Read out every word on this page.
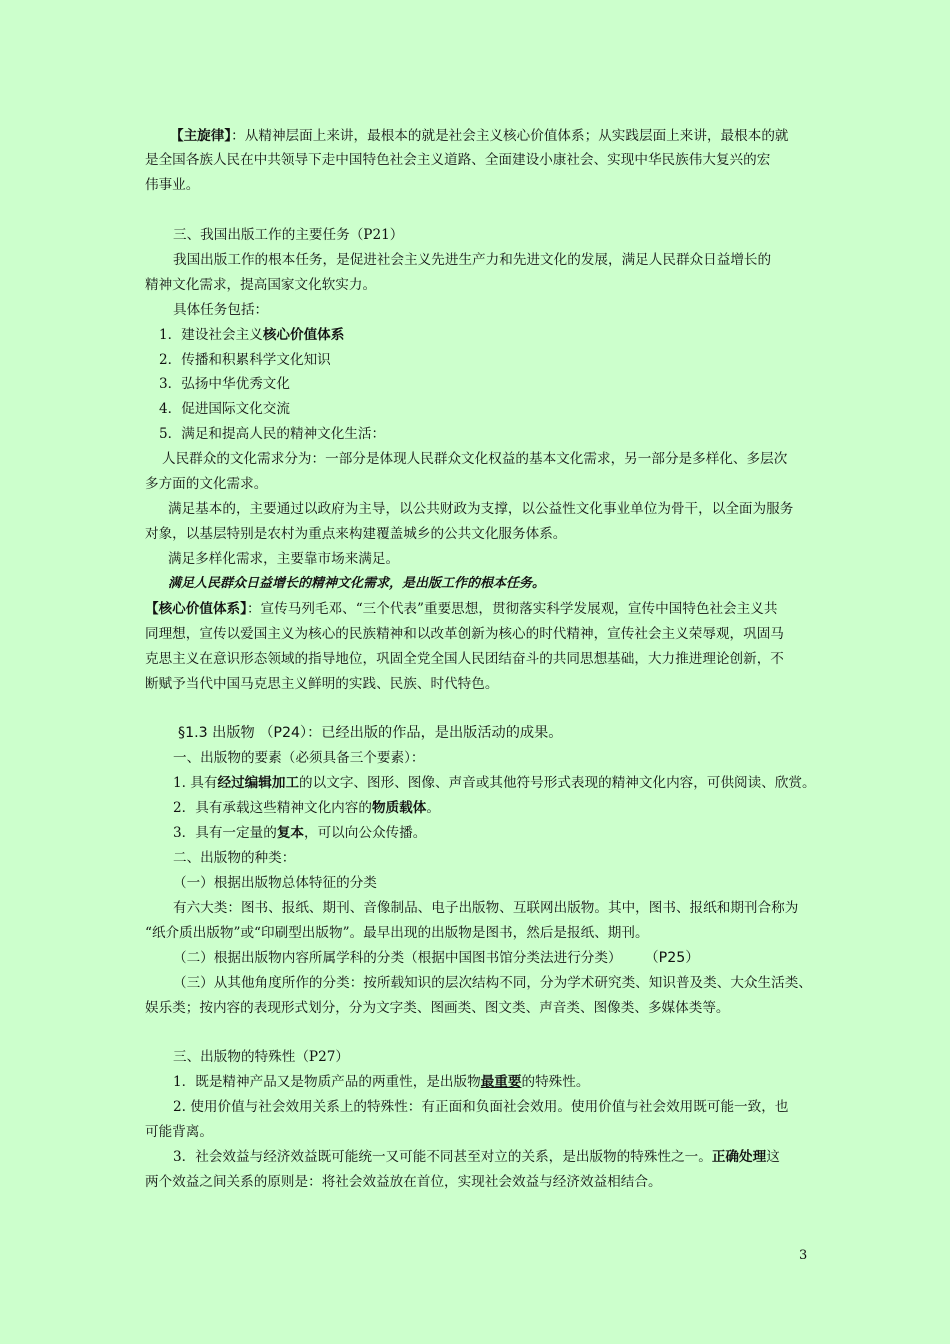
【主旋律】：从精神层面上来讲，最根本的就是社会主义核心价值体系；从实践层面上来讲，最根本的就
是全国各族人民在中共领导下走中国特色社会主义道路、全面建设小康社会、实现中华民族伟大复兴的宏
伟事业。
三、我国出版工作的主要任务（P21）
我国出版工作的根本任务，是促进社会主义先进生产力和先进文化的发展，满足人民群众日益增长的
精神文化需求，提高国家文化软实力。
具体任务包括：
1．建设社会主义核心价值体系
2．传播和积累科学文化知识
3．弘扬中华优秀文化
4．促进国际文化交流
5．满足和提高人民的精神文化生活：
人民群众的文化需求分为：一部分是体现人民群众文化权益的基本文化需求，另一部分是多样化、多层次
多方面的文化需求。
满足基本的，主要通过以政府为主导，以公共财政为支撑，以公益性文化事业单位为骨干，以全面为服务
对象，以基层特别是农村为重点来构建覆盖城乡的公共文化服务体系。
满足多样化需求，主要靠市场来满足。
满足人民群众日益增长的精神文化需求，是出版工作的根本任务。
【核心价值体系】：宣传马列毛邓、“三个代表”重要思想，贯彻落实科学发展观，宣传中国特色社会主义共
同理想，宣传以爱国主义为核心的民族精神和以改革创新为核心的时代精神，宣传社会主义荣辱观，巩固马
克思主义在意识形态领域的指导地位，巩固全党全国人民团结奋斗的共同思想基础，大力推进理论创新，不
断赋予当代中国马克思主义鲜明的实践、民族、时代特色。
§1.3 出版物 （P24）：已经出版的作品，是出版活动的成果。
一、出版物的要素（必须具备三个要素）：
1. 具有经过编辑加工的以文字、图形、图像、声音或其他符号形式表现的精神文化内容，可供阅读、欣赏。
2．具有承载这些精神文化内容的物质载体。
3．具有一定量的复本，可以向公众传播。
二、出版物的种类：
（一）根据出版物总体特征的分类
有六大类：图书、报纸、期刊、音像制品、电子出版物、互联网出版物。其中，图书、报纸和期刊合称为
“纸介质出版物”或“印刷型出版物”。最早出现的出版物是图书，然后是报纸、期刊。
（二）根据出版物内容所属学科的分类（根据中国图书馆分类法进行分类） （P25）
（三）从其他角度所作的分类：按所载知识的层次结构不同，分为学术研究类、知识普及类、大众生活类、
娱乐类；按内容的表现形式划分，分为文字类、图画类、图文类、声音类、图像类、多媒体类等。
三、出版物的特殊性（P27）
1．既是精神产品又是物质产品的两重性，是出版物最重要的特殊性。
2. 使用价值与社会效用关系上的特殊性：有正面和负面社会效用。使用价值与社会效用既可能一致，也
可能背离。
3．社会效益与经济效益既可能统一又可能不同甚至对立的关系，是出版物的特殊性之一。正确处理这
两个效益之间关系的原则是：将社会效益放在首位，实现社会效益与经济效益相结合。
3
